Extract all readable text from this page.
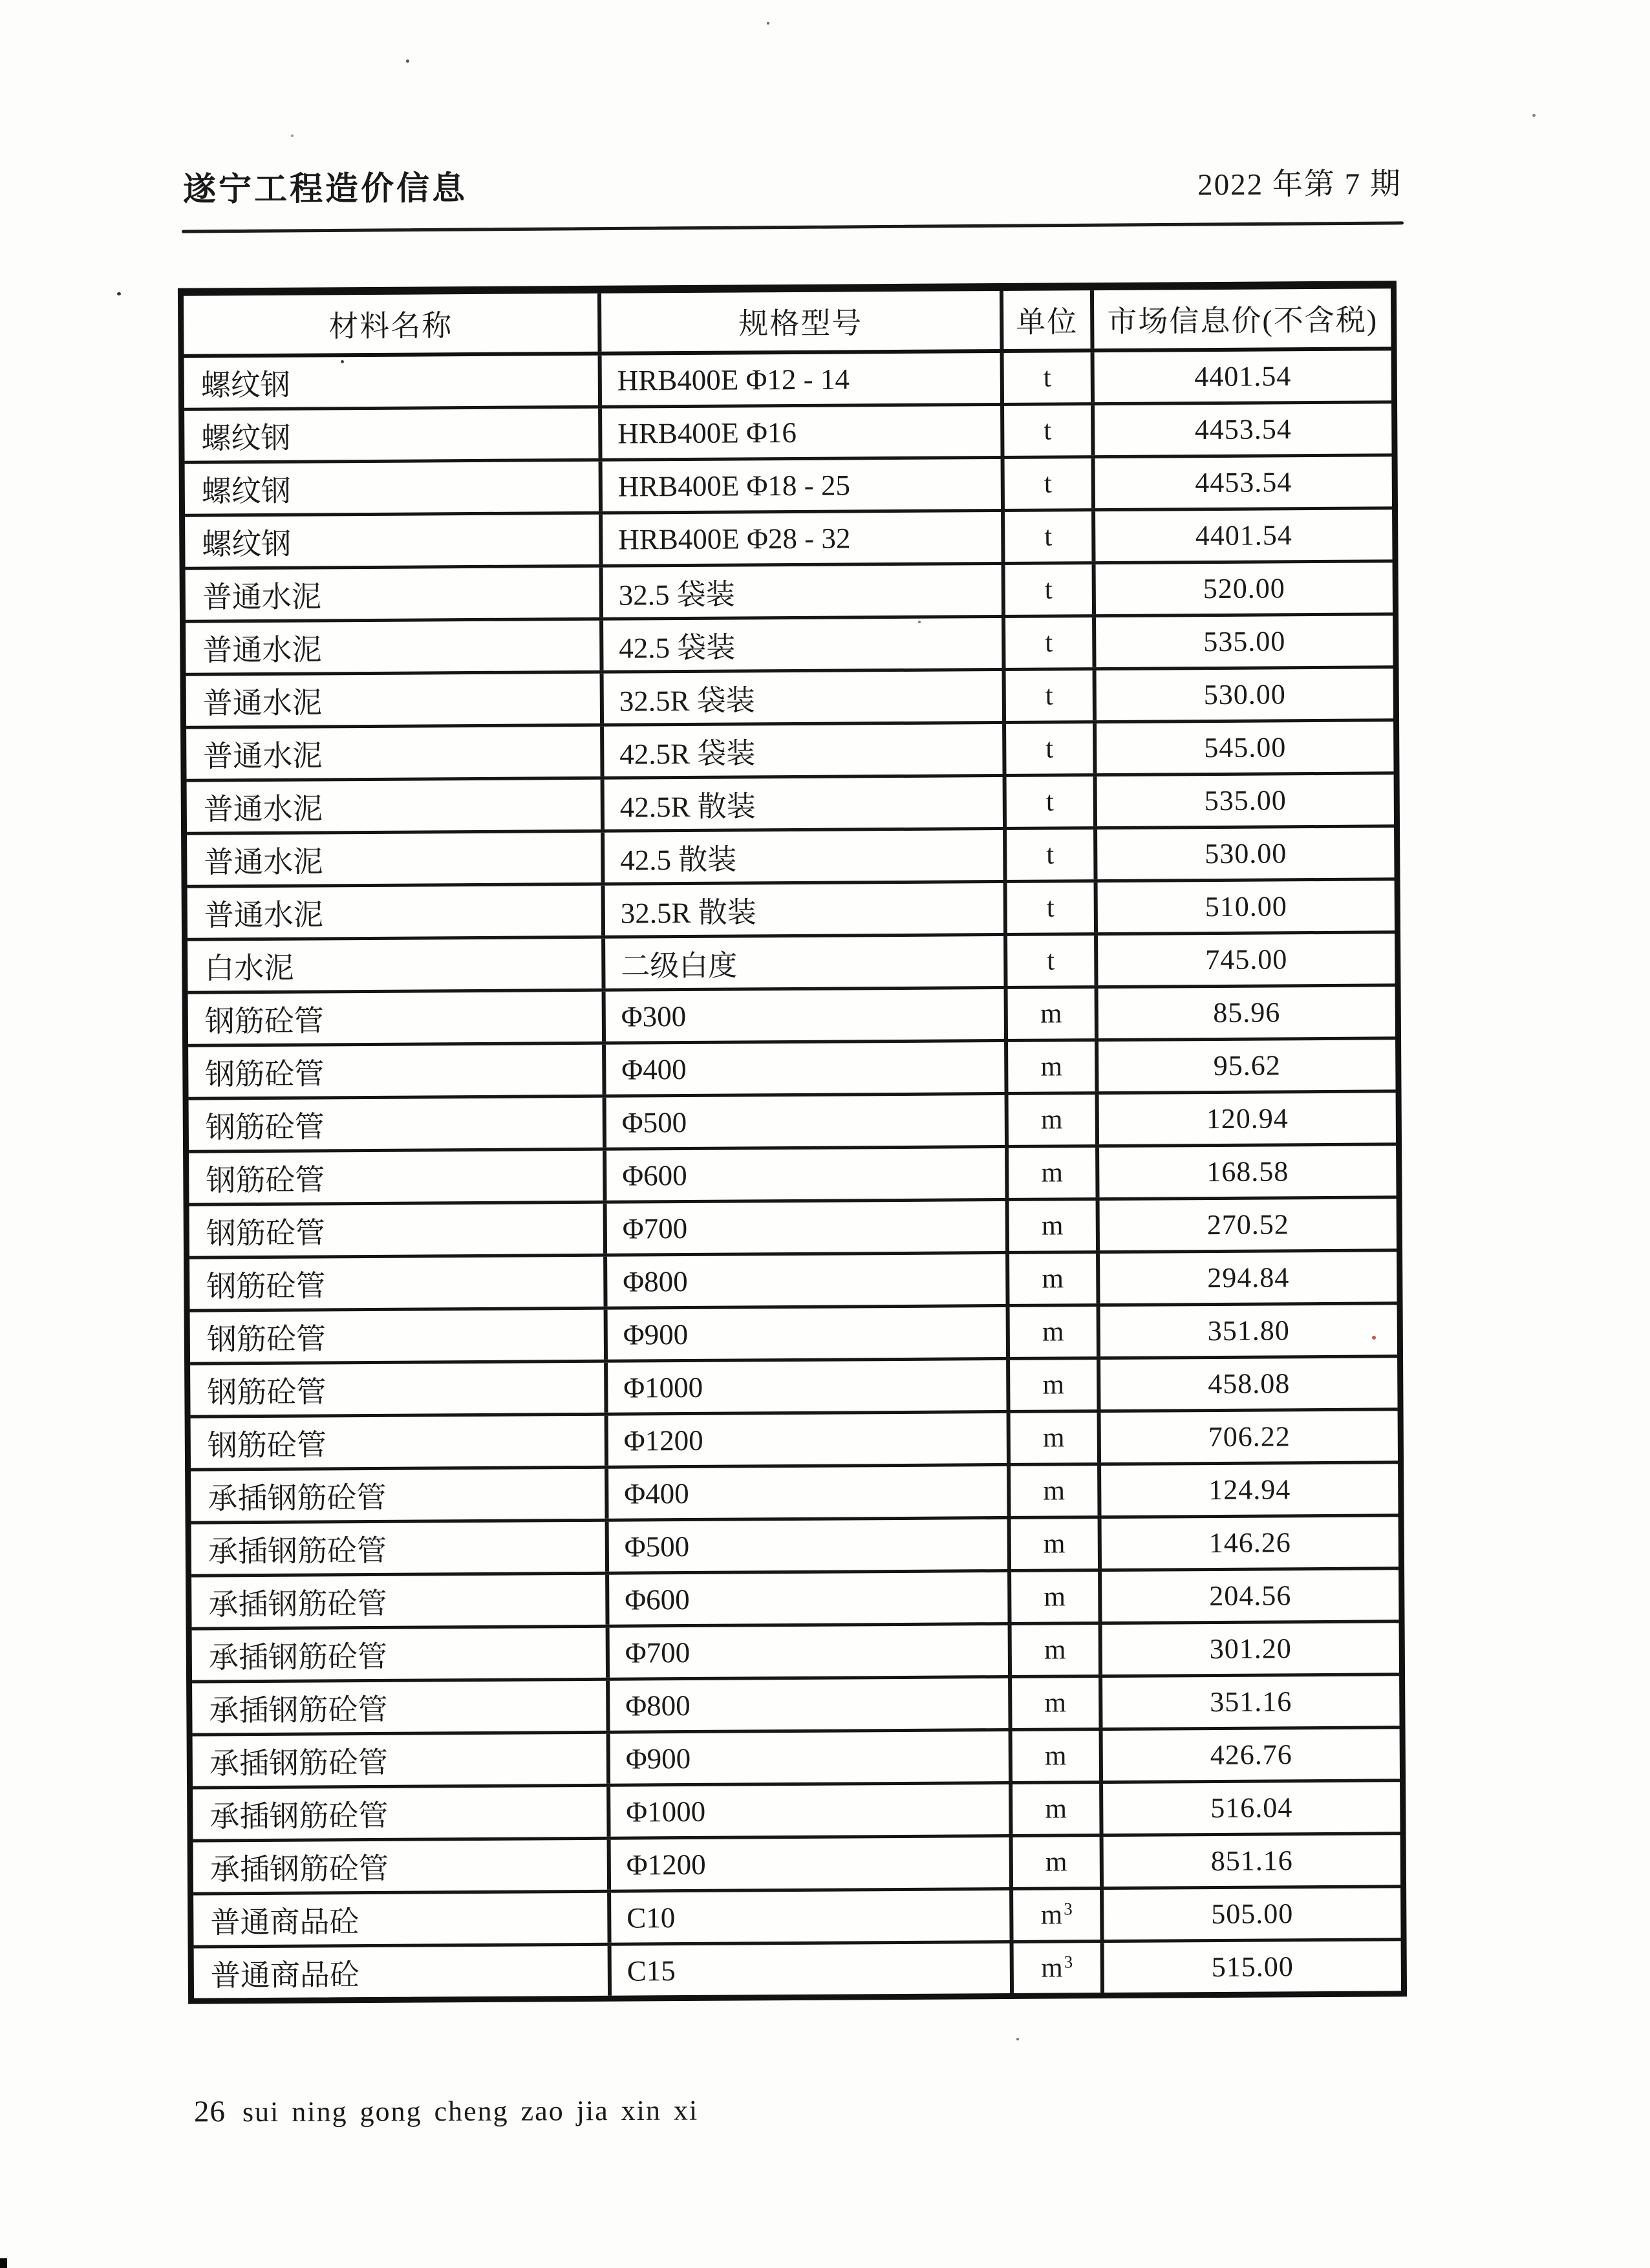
遂宁工程造价信息	2022 年第 7 期
材料名称	规格型号	单位 市场信息价(不含税)
螺纹钢	HRB400E Φ12 - 14	t	4401.54
螺纹钢	HRB400E Φ16	t	4453.54
螺纹钢	HRB400E Φ18 - 25	t	4453.54
螺纹钢	HRB400E Φ28 - 32	t	4401.54
普通水泥	32.5 袋装	t	520.00
普通水泥	42.5 袋装	t	535.00
普通水泥	32.5R 袋装	t	530.00
普通水泥	42.5R 袋装	t	545.00
普通水泥	42.5R 散装	t	535.00
普通水泥	42.5 散装	t	530.00
普通水泥	32.5R 散装	t	510.00
白水泥	二级白度	t	745.00
钢筋砼管	Φ300	m	85.96
钢筋砼管	Φ400	m	95.62
钢筋砼管	Φ500	m	120.94
钢筋砼管	Φ600	m	168.58
钢筋砼管	Φ700	m	270.52
钢筋砼管	Φ800	m	294.84
钢筋砼管	Φ900	m	351.80
钢筋砼管	Φ1000	m	458.08
钢筋砼管	Φ1200	m	706.22
承插钢筋砼管	Φ400	m	124.94
承插钢筋砼管	Φ500	m	146.26
承插钢筋砼管	Φ600	m	204.56
承插钢筋砼管	Φ700	m	301.20
承插钢筋砼管	Φ800	m	351.16
承插钢筋砼管	Φ900	m	426.76
承插钢筋砼管	Φ1000	m	516.04
承插钢筋砼管	Φ1200	m	851.16
普通商品砼	C10	m 3	505.00
普通商品砼	C15	m 3	515.00
26 sui ning gong cheng zao jia xin xi
